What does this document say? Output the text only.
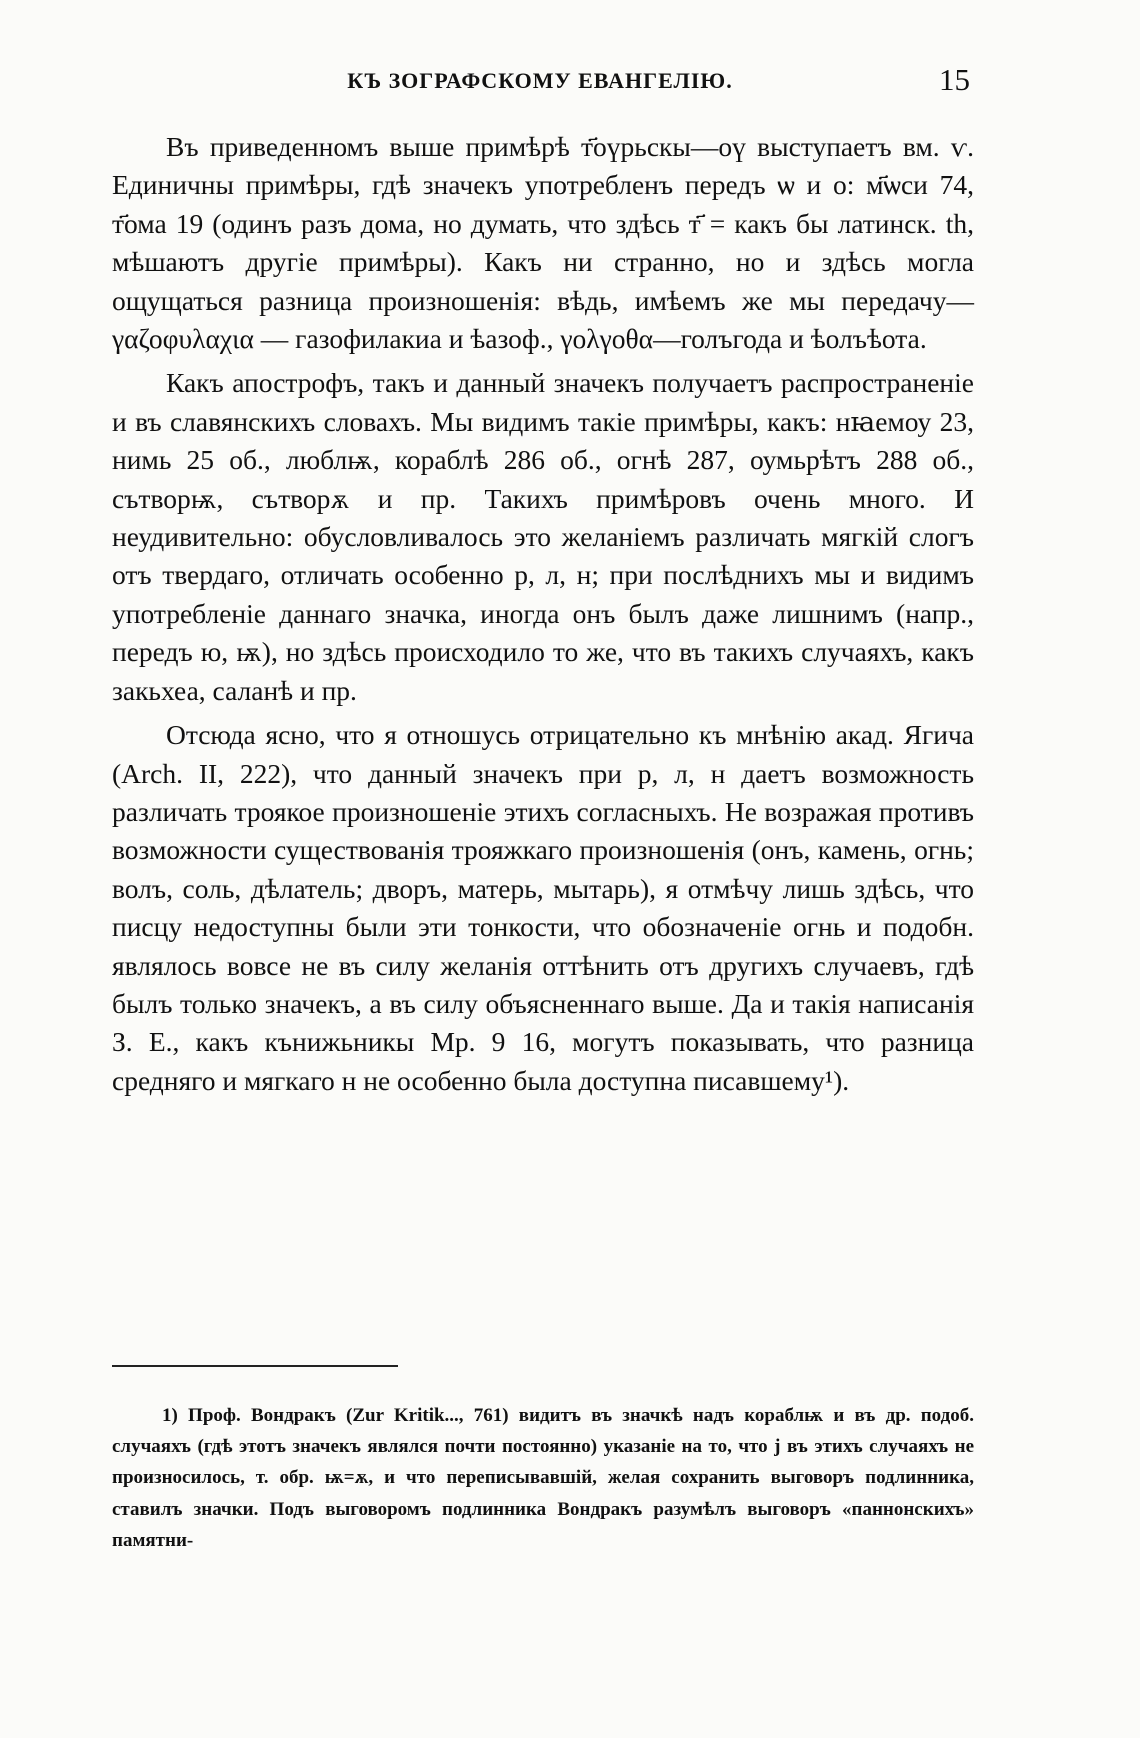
КЪ ЗОГРАФСКОМУ ЕВАНГЕЛІЮ.	15

Въ приведенномъ выше примѣрѣ т҃оүрьскы—оү выступаетъ вм. ѵ. Единичны примѣры, гдѣ значекъ употребленъ передъ ѡ и о: м҃ѡси 74, т҃ома 19 (одинъ разъ дома, но думать, что здѣсь т҃ = какъ бы латинск. th, мѣшаютъ другіе примѣры). Какъ ни странно, но и здѣсь могла ощущаться разница произношенія: вѣдь, имѣемъ же мы передачу—γαζοφυλαχια — газофилакиа и ѣазоф., γολγοθα—голъгода и ѣолъѣота.

Какъ апострофъ, такъ и данный значекъ получаетъ распространеніе и въ славянскихъ словахъ. Мы видимъ такіе примѣры, какъ: нꙗемоу 23, нимь 25 об., люблѭ, кораблѣ 286 об., огнѣ 287, оумьрѣтъ 288 об., сътворѭ, сътворѫ и пр. Такихъ примѣровъ очень много. И неудивительно: обусловливалось это желаніемъ различать мягкій слогъ отъ твердаго, отличать особенно р, л, н; при послѣднихъ мы и видимъ употребленіе даннаго значка, иногда онъ былъ даже лишнимъ (напр., передъ ю, ѭ), но здѣсь происходило то же, что въ такихъ случаяхъ, какъ закьхеа, саланѣ и пр.

Отсюда ясно, что я отношусь отрицательно къ мнѣнію акад. Ягича (Arch. II, 222), что данный значекъ при р, л, н даетъ возможность различать троякое произношеніе этихъ согласныхъ. Не возражая противъ возможности существованія трояжкаго произношенія (онъ, камень, огнь; волъ, соль, дѣлатель; дворъ, матерь, мытарь), я отмѣчу лишь здѣсь, что писцу недоступны были эти тонкости, что обозначеніе огнь и подобн. являлось вовсе не въ силу желанія оттѣнить отъ другихъ случаевъ, гдѣ былъ только значекъ, а въ силу объясненнаго выше. Да и такія написанія З. Е., какъ кънижьникы Мр. 9 16, могутъ показывать, что разница средняго и мягкаго н не особенно была доступна писавшему¹).

1) Проф. Вондракъ (Zur Kritik..., 761) видитъ въ значкѣ надъ кораблѭ и въ др. подоб. случаяхъ (гдѣ этотъ значекъ являлся почти постоянно) указаніе на то, что j въ этихъ случаяхъ не произносилось, т. обр. ѭ=ѫ, и что переписывавшій, желая сохранить выговоръ подлинника, ставилъ значки. Подъ выговоромъ подлинника Вондракъ разумѣлъ выговоръ «паннонскихъ» памятни-
